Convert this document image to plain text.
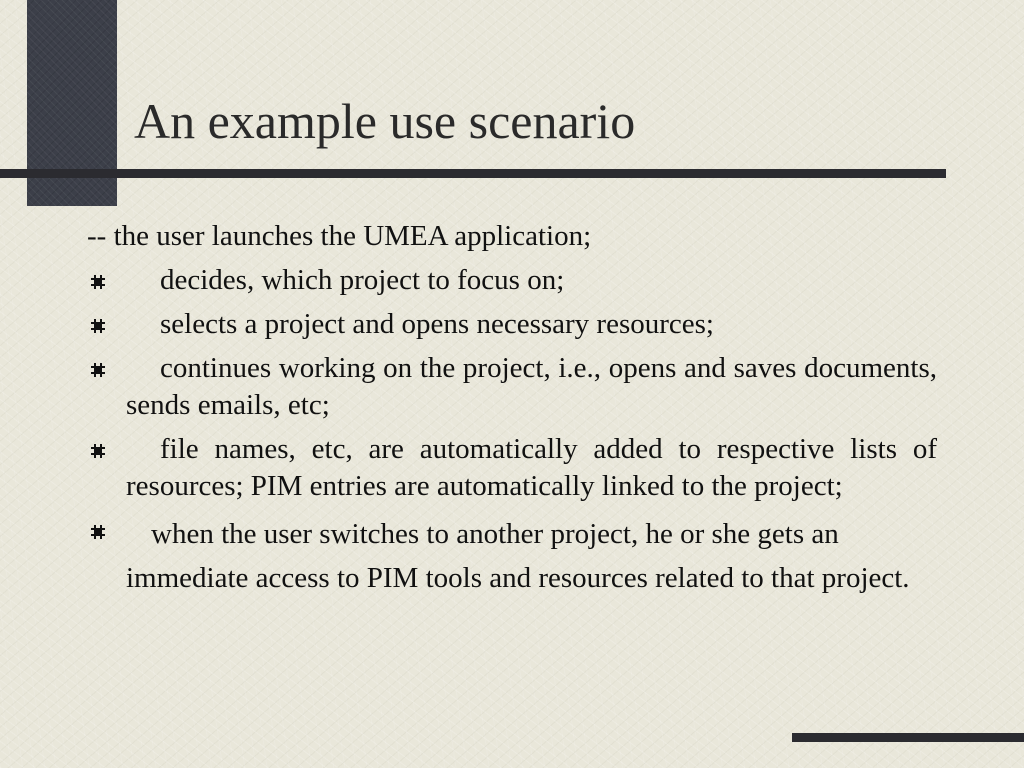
An example use scenario
-- the user launches the UMEA application;
decides, which project to focus on;
selects a project and opens necessary resources;
continues working on the project, i.e., opens and saves documents, sends emails, etc;
file names, etc, are automatically added to respective lists of resources; PIM entries are automatically linked to the project;
when the user switches to another project, he or she gets an immediate access to PIM tools and resources related to that project.
